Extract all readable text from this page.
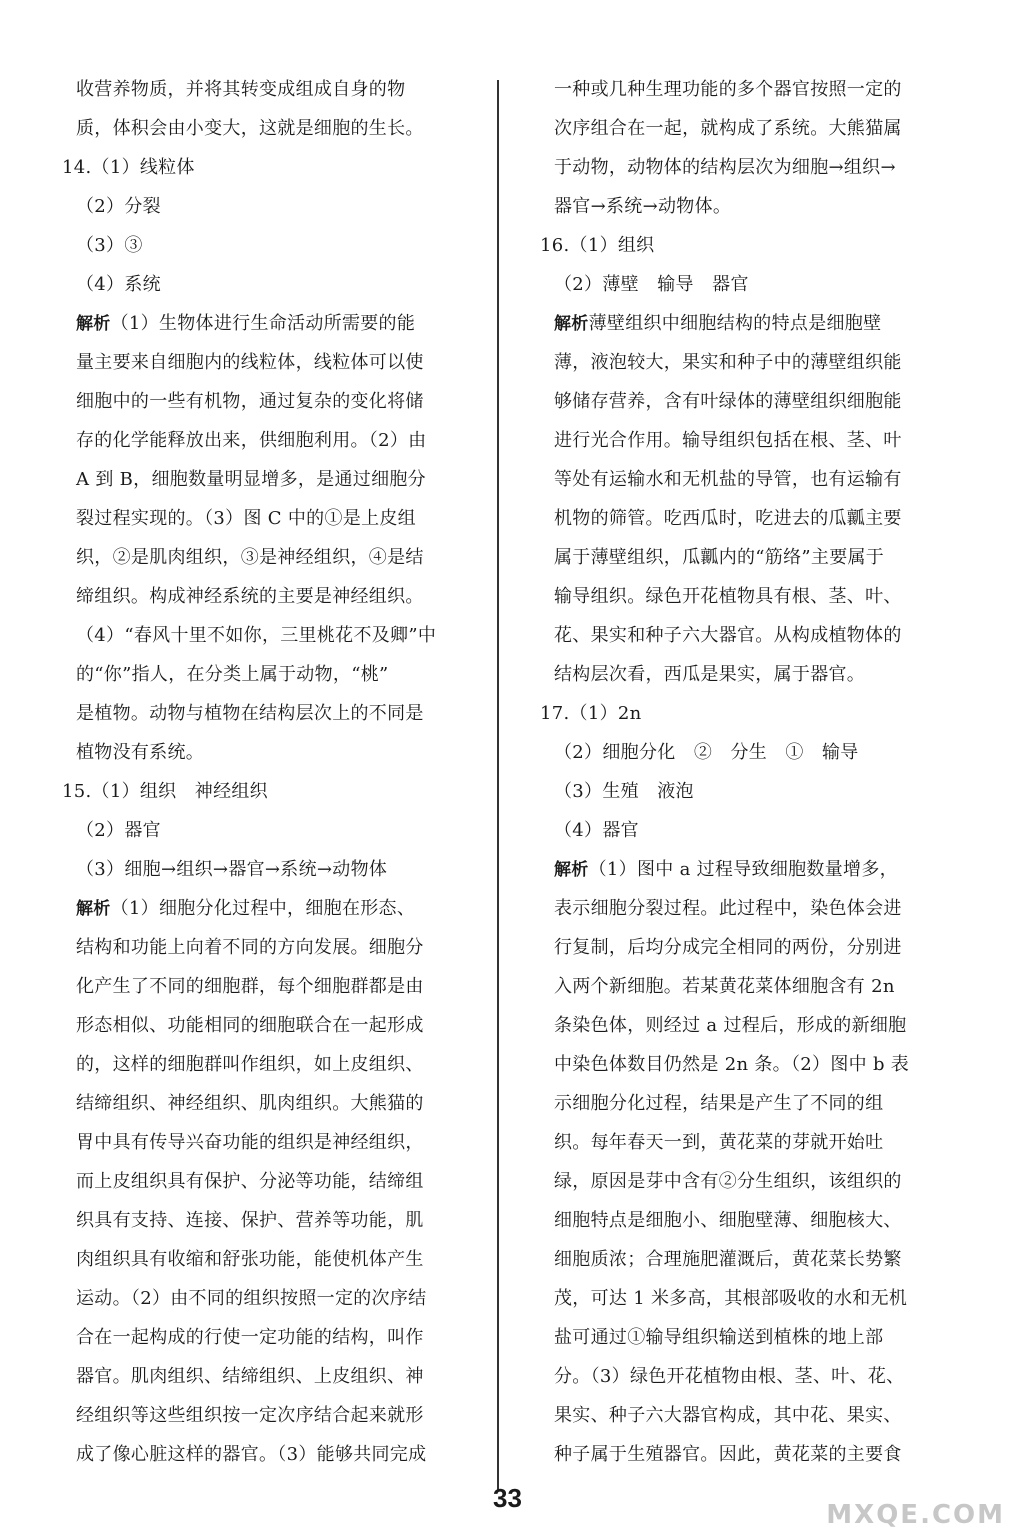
收营养物质，并将其转变成组成自身的物
质，体积会由小变大，这就是细胞的生长。
14.（1）线粒体
（2）分裂
（3）③
（4）系统
解析（1）生物体进行生命活动所需要的能
量主要来自细胞内的线粒体，线粒体可以使
细胞中的一些有机物，通过复杂的变化将储
存的化学能释放出来，供细胞利用。（2）由
A 到 B，细胞数量明显增多，是通过细胞分
裂过程实现的。（3）图 C 中的①是上皮组
织，②是肌肉组织，③是神经组织，④是结
缔组织。构成神经系统的主要是神经组织。
（4）“春风十里不如你，三里桃花不及卿”中
的“你”指人，在分类上属于动物，“桃”
是植物。动物与植物在结构层次上的不同是
植物没有系统。
15.（1）组织　神经组织
（2）器官
（3）细胞→组织→器官→系统→动物体
解析（1）细胞分化过程中，细胞在形态、
结构和功能上向着不同的方向发展。细胞分
化产生了不同的细胞群，每个细胞群都是由
形态相似、功能相同的细胞联合在一起形成
的，这样的细胞群叫作组织，如上皮组织、
结缔组织、神经组织、肌肉组织。大熊猫的
胃中具有传导兴奋功能的组织是神经组织，
而上皮组织具有保护、分泌等功能，结缔组
织具有支持、连接、保护、营养等功能，肌
肉组织具有收缩和舒张功能，能使机体产生
运动。（2）由不同的组织按照一定的次序结
合在一起构成的行使一定功能的结构，叫作
器官。肌肉组织、结缔组织、上皮组织、神
经组织等这些组织按一定次序结合起来就形
成了像心脏这样的器官。（3）能够共同完成
一种或几种生理功能的多个器官按照一定的
次序组合在一起，就构成了系统。大熊猫属
于动物，动物体的结构层次为细胞→组织→
器官→系统→动物体。
16.（1）组织
（2）薄壁　输导　器官
解析薄壁组织中细胞结构的特点是细胞壁
薄，液泡较大，果实和种子中的薄壁组织能
够储存营养，含有叶绿体的薄壁组织细胞能
进行光合作用。输导组织包括在根、茎、叶
等处有运输水和无机盐的导管，也有运输有
机物的筛管。吃西瓜时，吃进去的瓜瓤主要
属于薄壁组织，瓜瓤内的“筋络”主要属于
输导组织。绿色开花植物具有根、茎、叶、
花、果实和种子六大器官。从构成植物体的
结构层次看，西瓜是果实，属于器官。
17.（1）2n
（2）细胞分化　②　分生　①　输导
（3）生殖　液泡
（4）器官
解析（1）图中 a 过程导致细胞数量增多，
表示细胞分裂过程。此过程中，染色体会进
行复制，后均分成完全相同的两份，分别进
入两个新细胞。若某黄花菜体细胞含有 2n
条染色体，则经过 a 过程后，形成的新细胞
中染色体数目仍然是 2n 条。（2）图中 b 表
示细胞分化过程，结果是产生了不同的组
织。每年春天一到，黄花菜的芽就开始吐
绿，原因是芽中含有②分生组织，该组织的
细胞特点是细胞小、细胞壁薄、细胞核大、
细胞质浓；合理施肥灌溉后，黄花菜长势繁
茂，可达 1 米多高，其根部吸收的水和无机
盐可通过①输导组织输送到植株的地上部
分。（3）绿色开花植物由根、茎、叶、花、
果实、种子六大器官构成，其中花、果实、
种子属于生殖器官。因此，黄花菜的主要食
33
MXQE.COM
